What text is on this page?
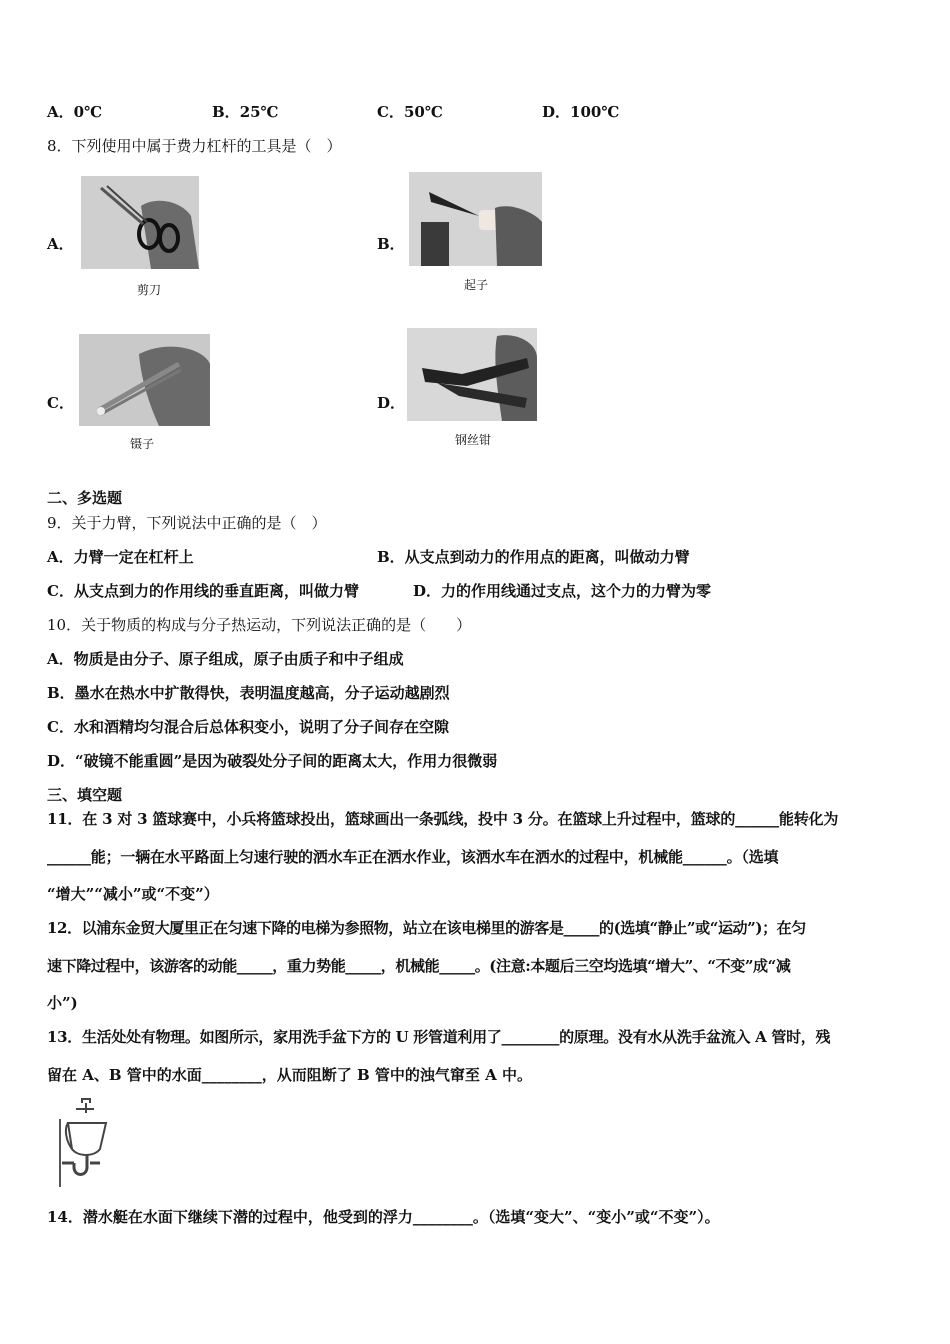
A．0℃	B．25℃	C．50℃	D．100℃
8．下列使用中属于费力杠杆的工具是（　）
A．
剪刀
B．
起子
C．
镊子
D．
钢丝钳
二、多选题
9．关于力臂，下列说法中正确的是（　）
A．力臂一定在杠杆上	B．从支点到动力的作用点的距离，叫做动力臂
C．从支点到力的作用线的垂直距离，叫做力臂	D．力的作用线通过支点，这个力的力臂为零
10．关于物质的构成与分子热运动，下列说法正确的是（　　）
A．物质是由分子、原子组成，原子由质子和中子组成
B．墨水在热水中扩散得快，表明温度越高，分子运动越剧烈
C．水和酒精均匀混合后总体积变小，说明了分子间存在空隙
D．“破镜不能重圆”是因为破裂处分子间的距离太大，作用力很微弱
三、填空题
11．在 3 对 3 篮球赛中，小兵将篮球投出，篮球画出一条弧线，投中 3 分。在篮球上升过程中，篮球的______能转化为
______能；一辆在水平路面上匀速行驶的洒水车正在洒水作业，该洒水车在洒水的过程中，机械能______。（选填
“增大”“减小”或“不变”）
12．以浦东金贸大厦里正在匀速下降的电梯为参照物，站立在该电梯里的游客是_____的(选填“静止”或“运动”)；在匀
速下降过程中，该游客的动能_____，重力势能_____，机械能_____。(注意:本题后三空均选填“增大”、“不变”成“减
小”)
13．生活处处有物理。如图所示，家用洗手盆下方的 U 形管道利用了________的原理。没有水从洗手盆流入 A 管时，残
留在 A、B 管中的水面________，从而阻断了 B 管中的浊气窜至 A 中。
14．潜水艇在水面下继续下潜的过程中，他受到的浮力________。（选填“变大”、“变小”或“不变”）。
